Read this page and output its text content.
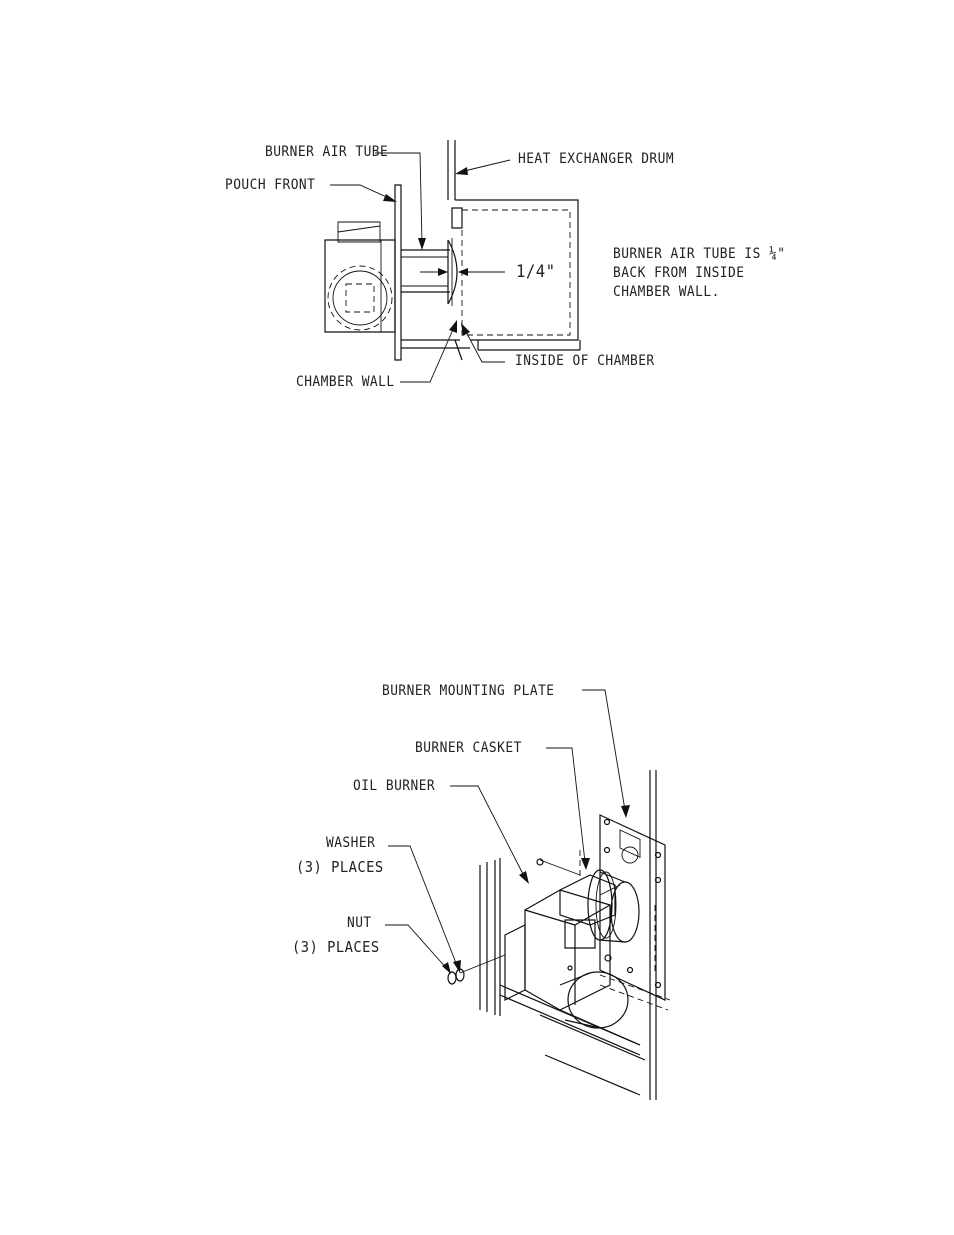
BURNER AIR TUBE
POUCH FRONT
HEAT EXCHANGER DRUM
1/4"
BURNER AIR TUBE IS ¼"
BACK FROM INSIDE
CHAMBER WALL.
CHAMBER WALL
INSIDE OF CHAMBER
BURNER MOUNTING PLATE
BURNER CASKET
OIL BURNER
WASHER
(3) PLACES
NUT
(3) PLACES
